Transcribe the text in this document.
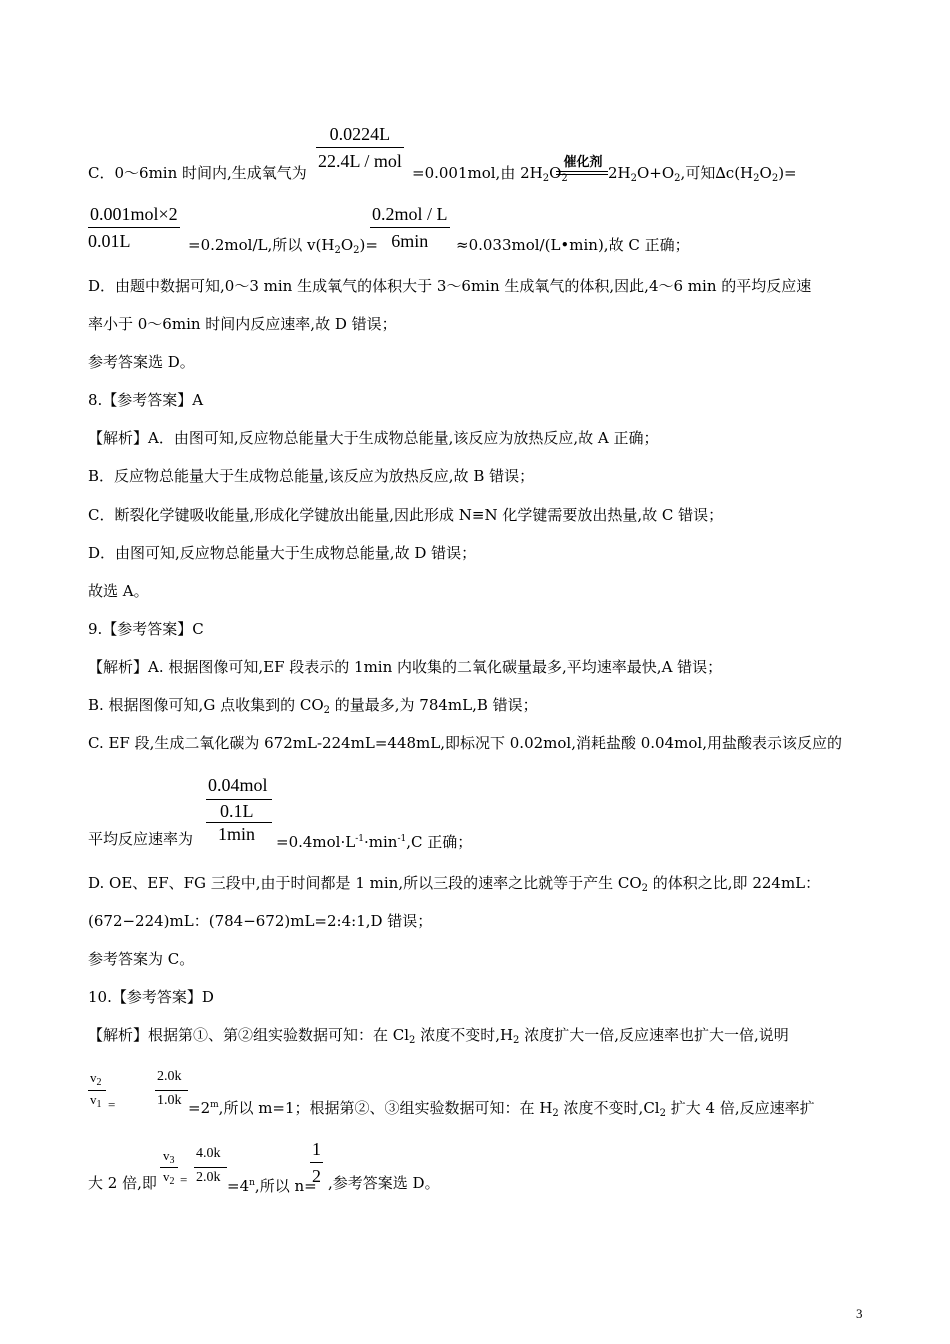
0.0224L
22.4L / mol
C．0～6min 时间内,生成氧气为	=0.001mol,由 $2H_2O_2$
催化剂
$2H_2O+O_2$,可知$\Delta c(H_2O_2)=$
0.001mol×2
0.01L	=0.2mol/L,所以 $v(H_2O_2)=$
0.2mol / L
6min	≈0.033mol/(L•min),故 C 正确；
D．由题中数据可知,0～3 min 生成氧气的体积大于 3～6min 生成氧气的体积,因此,4～6 min 的平均反应速
率小于 0～6min 时间内反应速率,故 D 错误；
参考答案选 D。
8.【参考答案】A
【解析】A．由图可知,反应物总能量大于生成物总能量,该反应为放热反应,故 A 正确；
B．反应物总能量大于生成物总能量,该反应为放热反应,故 B 错误；
C．断裂化学键吸收能量,形成化学键放出能量,因此形成 N≡N 化学键需要放出热量,故 C 错误；
D．由图可知,反应物总能量大于生成物总能量,故 D 错误；
故选 A。
9.【参考答案】C
【解析】A. 根据图像可知,EF 段表示的 1min 内收集的二氧化碳量最多,平均速率最快,A 错误；
B. 根据图像可知,G 点收集到的 $CO_2$ 的量最多,为 784mL,B 错误；
C. EF 段,生成二氧化碳为 672mL-224mL=448mL,即标况下 0.02mol,消耗盐酸 0.04mol,用盐酸表示该反应的
0.04mol
0.1L
1min
平均反应速率为	$=0.4mol\cdot L^{-1}\cdot\min^{-1},C$ 正确；
D. OE、EF、FG 三段中,由于时间都是 1 min,所以三段的速率之比就等于产生 $CO_2$ 的体积之比,即 224mL：
(672−224)mL：(784−672)mL=2:4:1,D 错误；
参考答案为 C。
10.【参考答案】D
【解析】根据第①、第②组实验数据可知：在 $Cl_2$ 浓度不变时$,H_2$ 浓度扩大一倍,反应速率也扩大一倍,说明
$v_2$
$v_1$ =
2.0k
$1.0k =2^m$,所以 m=1；根据第②、③组实验数据可知：在 $H_2$ 浓度不变时$,Cl_2$ 扩大 4 倍,反应速率扩
大 2 倍,即
$v_3$
$v_2$ =
4.0k
$2.0k =4^n$,所以 n=
$\frac{1}{2}$ ,参考答案选 D。
3
